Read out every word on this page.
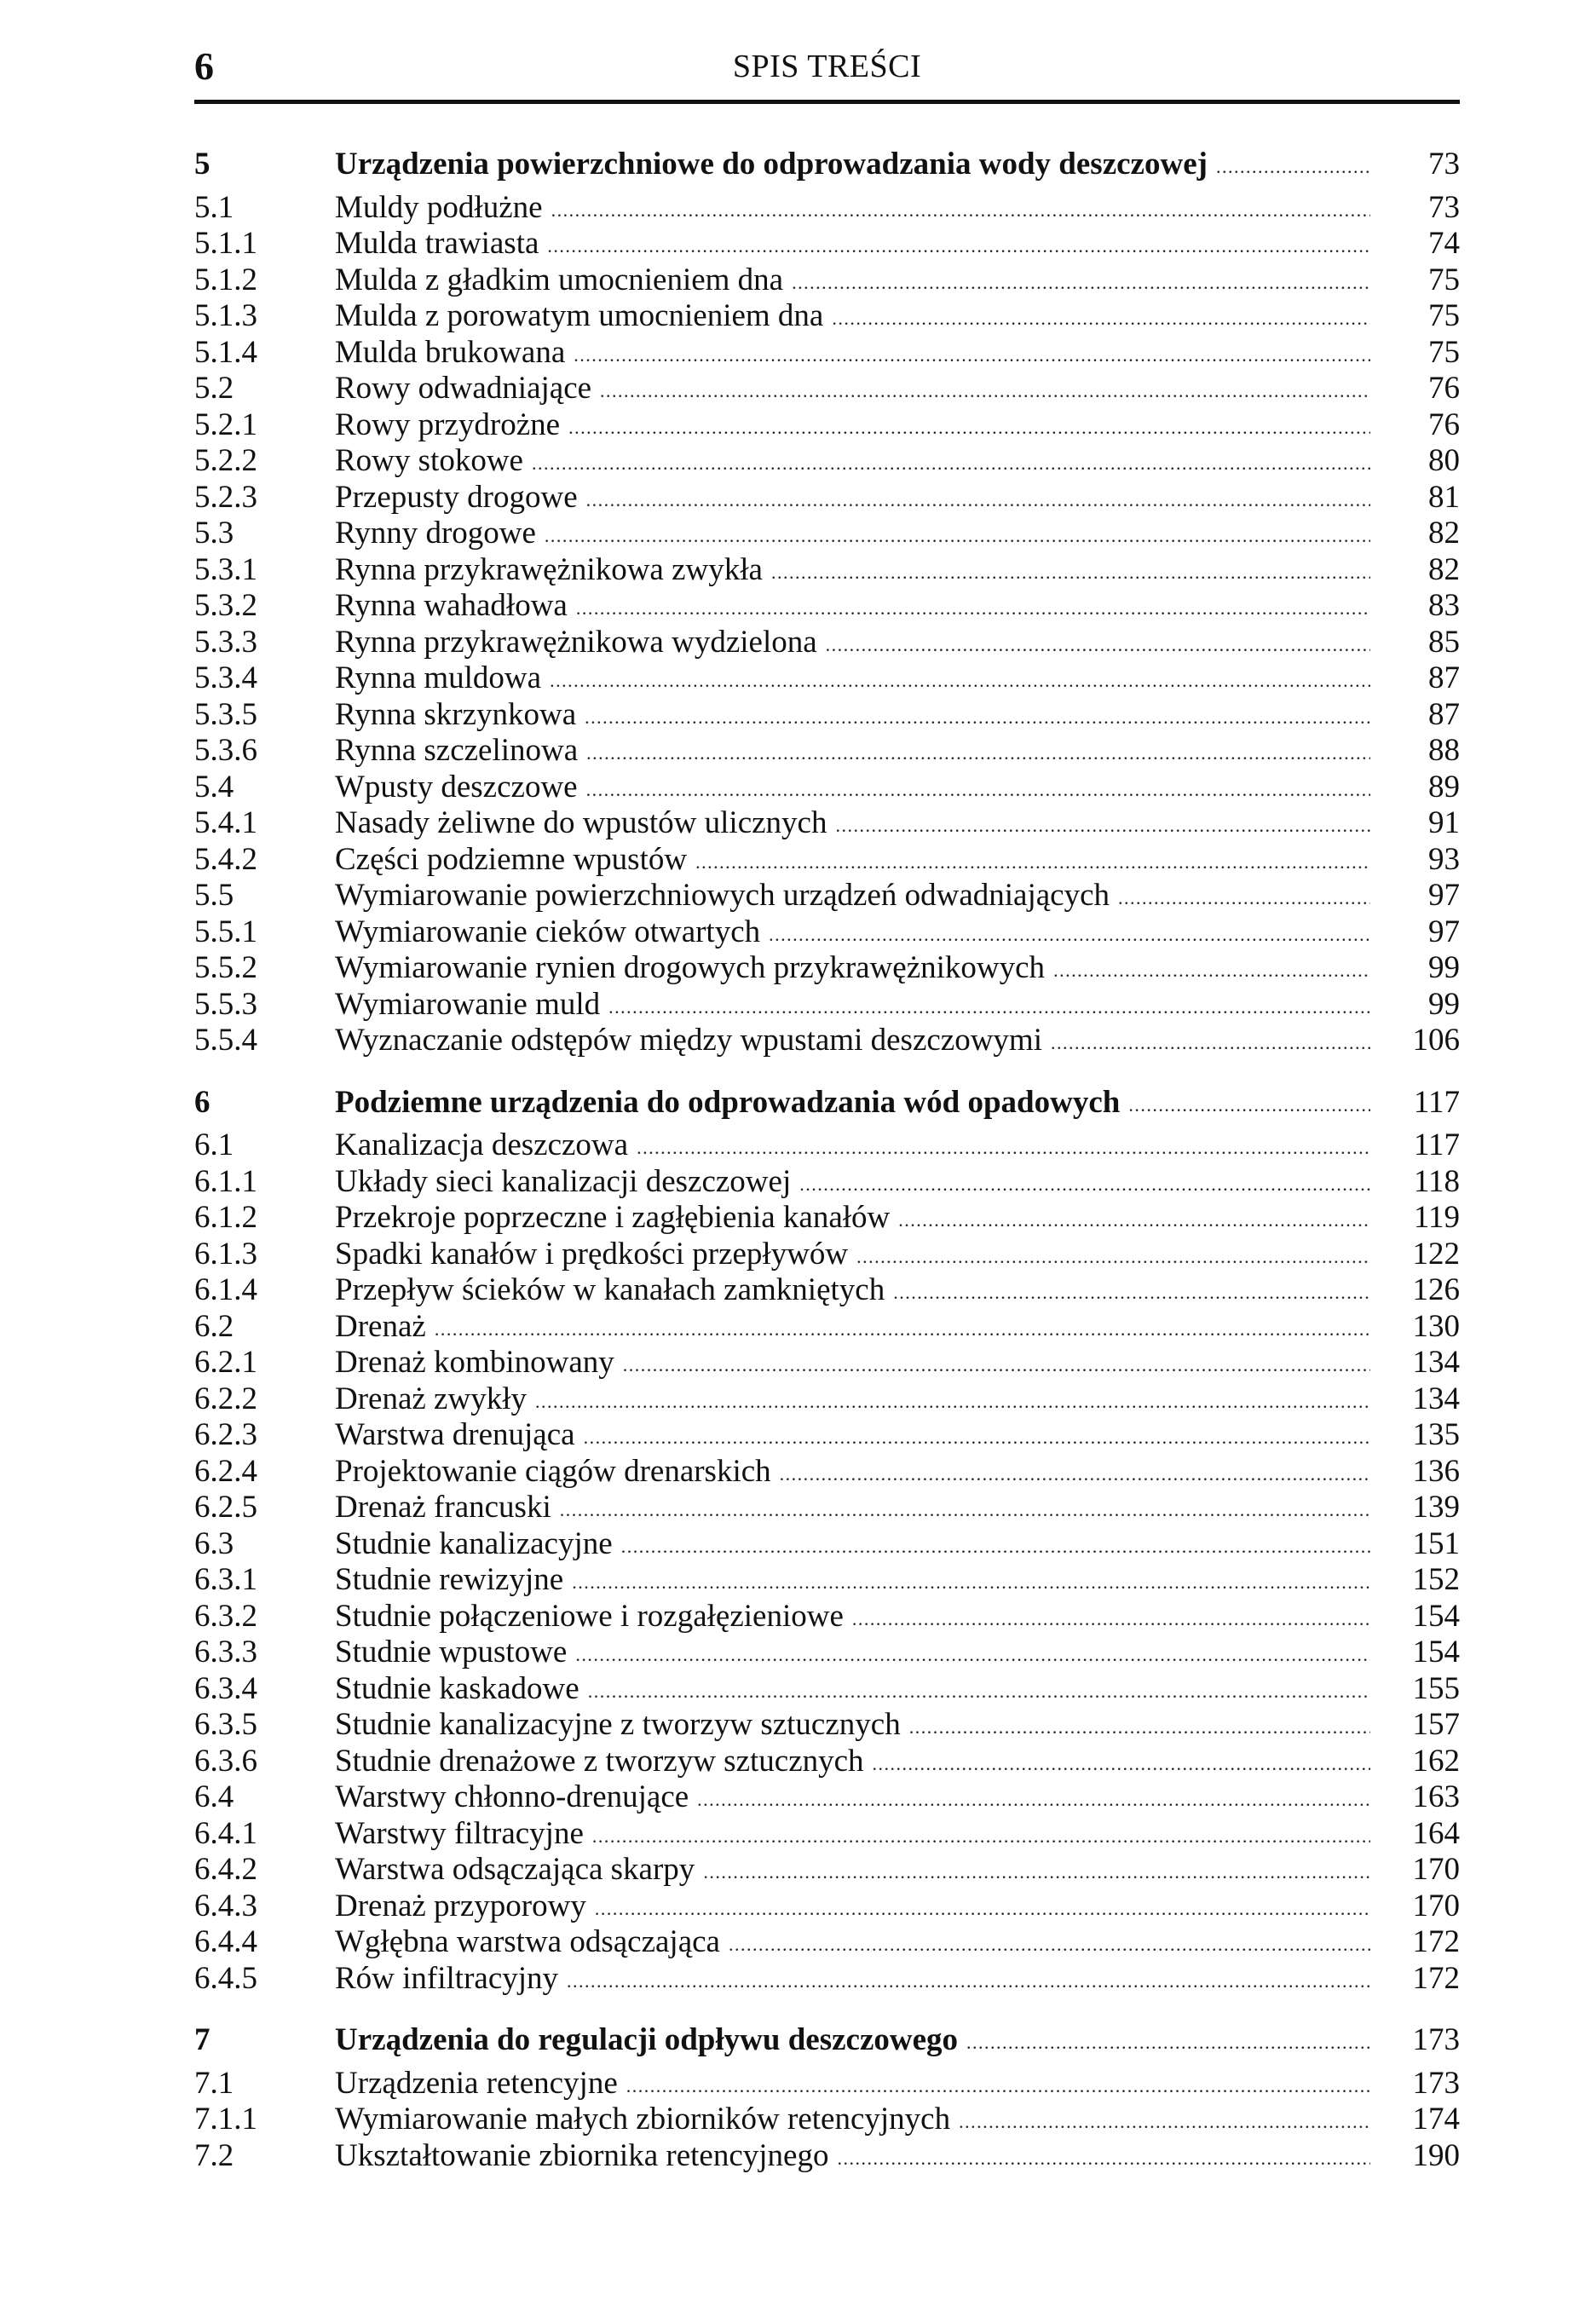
6	SPIS TREŚCI
5	Urządzenia powierzchniowe do odprowadzania wody deszczowej .....	73
5.1	Muldy podłużne .....	73
5.1.1	Mulda trawiasta .....	74
5.1.2	Mulda z gładkim umocnieniem dna .....	75
5.1.3	Mulda z porowatym umocnieniem dna .....	75
5.1.4	Mulda brukowana .....	75
5.2	Rowy odwadniające .....	76
5.2.1	Rowy przydrożne .....	76
5.2.2	Rowy stokowe .....	80
5.2.3	Przepusty drogowe .....	81
5.3	Rynny drogowe .....	82
5.3.1	Rynna przykrawężnikowa zwykła .....	82
5.3.2	Rynna wahadłowa .....	83
5.3.3	Rynna przykrawężnikowa wydzielona .....	85
5.3.4	Rynna muldowa .....	87
5.3.5	Rynna skrzynkowa .....	87
5.3.6	Rynna szczelinowa .....	88
5.4	Wpusty deszczowe .....	89
5.4.1	Nasady żeliwne do wpustów ulicznych .....	91
5.4.2	Części podziemne wpustów .....	93
5.5	Wymiarowanie powierzchniowych urządzeń odwadniających .....	97
5.5.1	Wymiarowanie cieków otwartych .....	97
5.5.2	Wymiarowanie rynien drogowych przykrawężnikowych .....	99
5.5.3	Wymiarowanie muld .....	99
5.5.4	Wyznaczanie odstępów między wpustami deszczowymi .....	106
6	Podziemne urządzenia do odprowadzania wód opadowych .....	117
6.1	Kanalizacja deszczowa .....	117
6.1.1	Układy sieci kanalizacji deszczowej .....	118
6.1.2	Przekroje poprzeczne i zagłębienia kanałów .....	119
6.1.3	Spadki kanałów i prędkości przepływów .....	122
6.1.4	Przepływ ścieków w kanałach zamkniętych .....	126
6.2	Drenaż .....	130
6.2.1	Drenaż kombinowany .....	134
6.2.2	Drenaż zwykły .....	134
6.2.3	Warstwa drenująca .....	135
6.2.4	Projektowanie ciągów drenarskich .....	136
6.2.5	Drenaż francuski .....	139
6.3	Studnie kanalizacyjne .....	151
6.3.1	Studnie rewizyjne .....	152
6.3.2	Studnie połączeniowe i rozgałęzieniowe .....	154
6.3.3	Studnie wpustowe .....	154
6.3.4	Studnie kaskadowe .....	155
6.3.5	Studnie kanalizacyjne z tworzyw sztucznych .....	157
6.3.6	Studnie drenażowe z tworzyw sztucznych .....	162
6.4	Warstwy chłonno-drenujące .....	163
6.4.1	Warstwy filtracyjne .....	164
6.4.2	Warstwa odsączająca skarpy .....	170
6.4.3	Drenaż przyporowy .....	170
6.4.4	Wgłębna warstwa odsączająca .....	172
6.4.5	Rów infiltracyjny .....	172
7	Urządzenia do regulacji odpływu deszczowego .....	173
7.1	Urządzenia retencyjne .....	173
7.1.1	Wymiarowanie małych zbiorników retencyjnych .....	174
7.2	Ukształtowanie zbiornika retencyjnego .....	190
